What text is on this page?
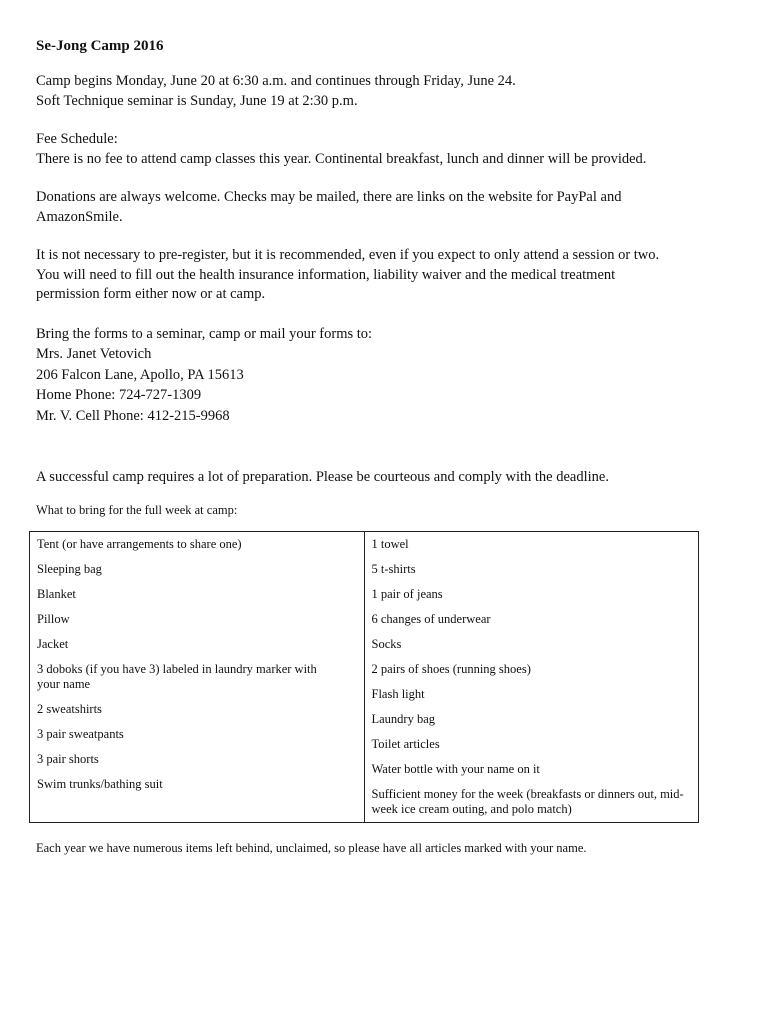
Se-Jong Camp 2016
Camp begins Monday, June 20 at 6:30 a.m. and continues through Friday, June 24.
Soft Technique seminar is Sunday, June 19 at 2:30 p.m.
Fee Schedule:
There is no fee to attend camp classes this year. Continental breakfast, lunch and dinner will be provided.
Donations are always welcome. Checks may be mailed, there are links on the website for PayPal and
AmazonSmile.
It is not necessary to pre-register, but it is recommended, even if you expect to only attend a session or two.
You will need to fill out the health insurance information, liability waiver and the medical treatment
permission form either now or at camp.
Bring the forms to a seminar, camp or mail your forms to:
Mrs. Janet Vetovich
206 Falcon Lane, Apollo, PA 15613
Home Phone: 724-727-1309
Mr. V. Cell Phone: 412-215-9968
A successful camp requires a lot of preparation. Please be courteous and comply with the deadline.
What to bring for the full week at camp:
Tent (or have arrangements to share one)
Sleeping bag
Blanket
Pillow
Jacket
3 doboks (if you have 3) labeled in laundry marker with your name
2 sweatshirts
3 pair sweatpants
3 pair shorts
Swim trunks/bathing suit

1 towel
5 t-shirts
1 pair of jeans
6 changes of underwear
Socks
2 pairs of shoes (running shoes)
Flash light
Laundry bag
Toilet articles
Water bottle with your name on it
Sufficient money for the week (breakfasts or dinners out, mid-week ice cream outing, and polo match)
Each year we have numerous items left behind, unclaimed, so please have all articles marked with your name.
